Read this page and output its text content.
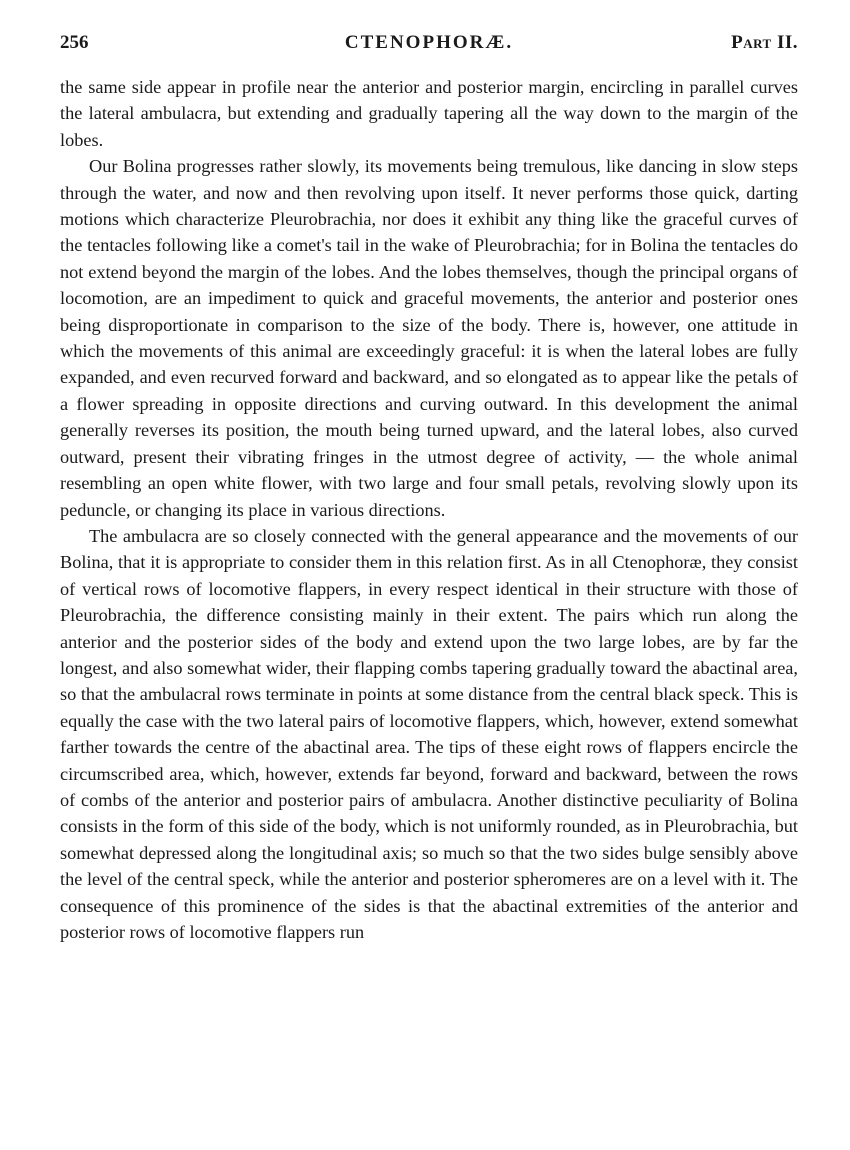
256	CTENOPHORÆ.	Part II.

the same side appear in profile near the anterior and posterior margin, encircling in parallel curves the lateral ambulacra, but extending and gradually tapering all the way down to the margin of the lobes.

Our Bolina progresses rather slowly, its movements being tremulous, like dancing in slow steps through the water, and now and then revolving upon itself. It never performs those quick, darting motions which characterize Pleurobrachia, nor does it exhibit any thing like the graceful curves of the tentacles following like a comet's tail in the wake of Pleurobrachia; for in Bolina the tentacles do not extend beyond the margin of the lobes. And the lobes themselves, though the principal organs of locomotion, are an impediment to quick and graceful movements, the anterior and posterior ones being disproportionate in comparison to the size of the body. There is, however, one attitude in which the movements of this animal are exceedingly graceful: it is when the lateral lobes are fully expanded, and even recurved forward and backward, and so elongated as to appear like the petals of a flower spreading in opposite directions and curving outward. In this development the animal generally reverses its position, the mouth being turned upward, and the lateral lobes, also curved outward, present their vibrating fringes in the utmost degree of activity, — the whole animal resembling an open white flower, with two large and four small petals, revolving slowly upon its peduncle, or changing its place in various directions.

The ambulacra are so closely connected with the general appearance and the movements of our Bolina, that it is appropriate to consider them in this relation first. As in all Ctenophoræ, they consist of vertical rows of locomotive flappers, in every respect identical in their structure with those of Pleurobrachia, the difference consisting mainly in their extent. The pairs which run along the anterior and the posterior sides of the body and extend upon the two large lobes, are by far the longest, and also somewhat wider, their flapping combs tapering gradually toward the abactinal area, so that the ambulacral rows terminate in points at some distance from the central black speck. This is equally the case with the two lateral pairs of locomotive flappers, which, however, extend somewhat farther towards the centre of the abactinal area. The tips of these eight rows of flappers encircle the circumscribed area, which, however, extends far beyond, forward and backward, between the rows of combs of the anterior and posterior pairs of ambulacra. Another distinctive peculiarity of Bolina consists in the form of this side of the body, which is not uniformly rounded, as in Pleurobrachia, but somewhat depressed along the longitudinal axis; so much so that the two sides bulge sensibly above the level of the central speck, while the anterior and posterior spheromeres are on a level with it. The consequence of this prominence of the sides is that the abactinal extremities of the anterior and posterior rows of locomotive flappers run
